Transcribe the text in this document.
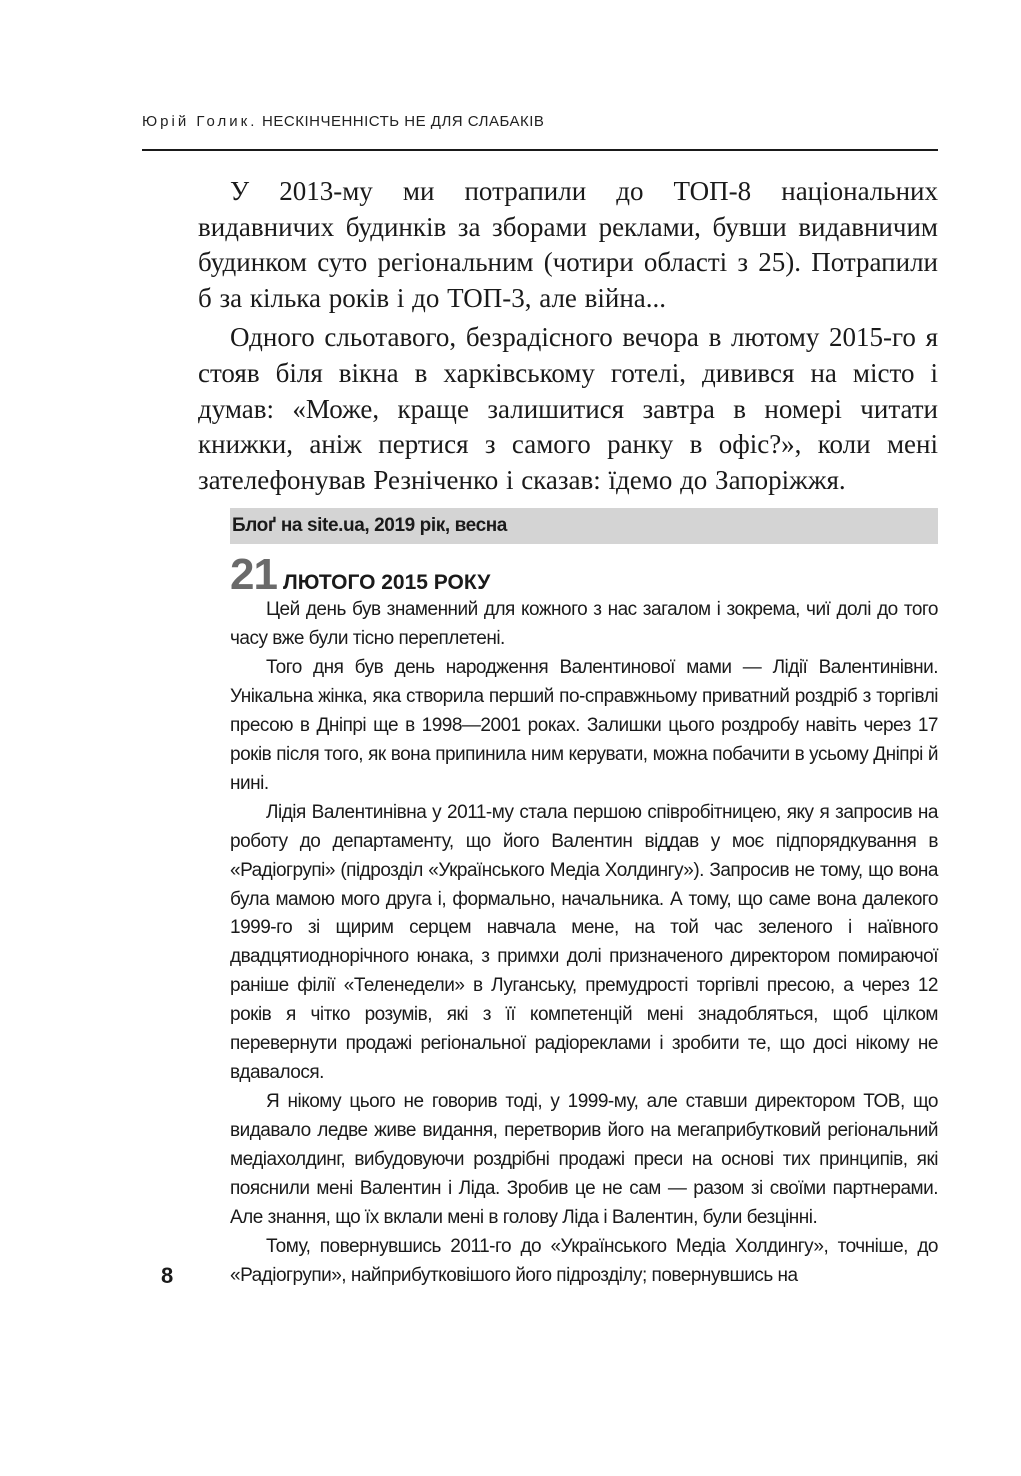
Юрій Голик. НЕСКІНЧЕННІСТЬ НЕ ДЛЯ СЛАБАКІВ

У 2013-му ми потрапили до ТОП-8 національних видавничих будинків за зборами реклами, бувши видавничим будинком суто регіональним (чотири області з 25). Потрапили б за кілька років і до ТОП-3, але війна...

Одного сльотавого, безрадісного вечора в лютому 2015-го я стояв біля вікна в харківському готелі, дивився на місто і думав: «Може, краще залишитися завтра в номері читати книжки, аніж пертися з самого ранку в офіс?», коли мені зателефонував Резніченко і сказав: їдемо до Запоріжжя.

Блоґ на site.ua, 2019 рік, весна
21 ЛЮТОГО 2015 РОКУ

Цей день був знаменний для кожного з нас загалом і зокрема, чиї долі до того часу вже були тісно переплетені.

Того дня був день народження Валентинової мами — Лідії Валентинівни. Унікальна жінка, яка створила перший по-справжньому приватний роздріб з торгівлі пресою в Дніпрі ще в 1998—2001 роках. Залишки цього роздробу навіть через 17 років після того, як вона припинила ним керувати, можна побачити в усьому Дніпрі й нині.

Лідія Валентинівна у 2011-му стала першою співробітницею, яку я запросив на роботу до департаменту, що його Валентин віддав у моє підпорядкування в «Радіогрупі» (підрозділ «Українського Медіа Холдингу»). Запросив не тому, що вона була мамою мого друга і, формально, начальника. А тому, що саме вона далекого 1999-го зі щирим серцем навчала мене, на той час зеленого і наївного двадцятиоднорічного юнака, з примхи долі призначеного директором помираючої раніше філії «Теленедели» в Луганську, премудрості торгівлі пресою, а через 12 років я чітко розумів, які з її компетенцій мені знадобляться, щоб цілком перевернути продажі регіональної радіореклами і зробити те, що досі нікому не вдавалося.

Я нікому цього не говорив тоді, у 1999-му, але ставши директором ТОВ, що видавало ледве живе видання, перетворив його на мегаприбутковий регіональний медіахолдинг, вибудовуючи роздрібні продажі преси на основі тих принципів, які пояснили мені Валентин і Ліда. Зробив це не сам — разом зі своїми партнерами. Але знання, що їх вклали мені в голову Ліда і Валентин, були безцінні.

Тому, повернувшись 2011-го до «Українського Медіа Холдингу», точніше, до «Радіогрупи», найприбутковішого його підрозділу; повернувшись на

8
